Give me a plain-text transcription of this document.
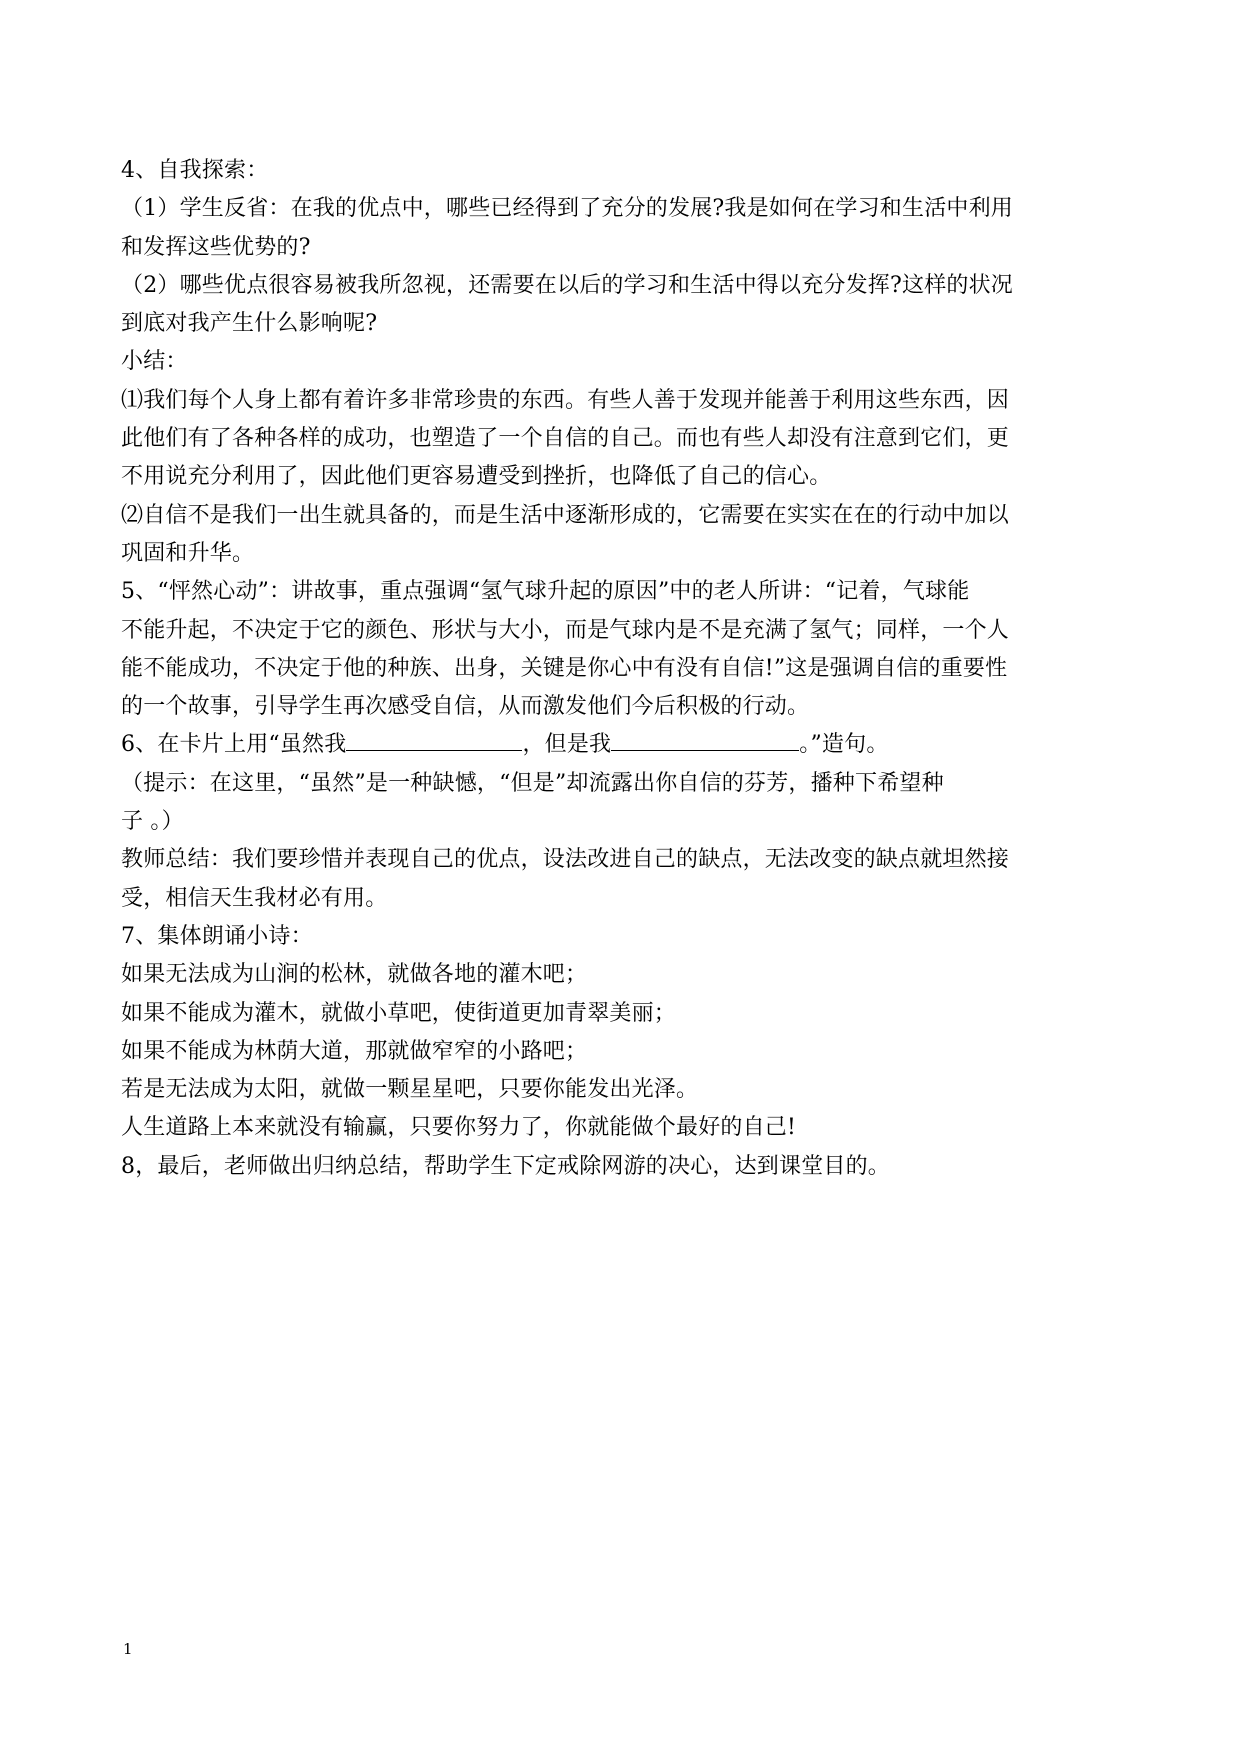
4、自我探索：
（1）学生反省：在我的优点中，哪些已经得到了充分的发展?我是如何在学习和生活中利用
和发挥这些优势的?
（2）哪些优点很容易被我所忽视，还需要在以后的学习和生活中得以充分发挥?这样的状况
到底对我产生什么影响呢?
小结：
⑴我们每个人身上都有着许多非常珍贵的东西。有些人善于发现并能善于利用这些东西，因
此他们有了各种各样的成功，也塑造了一个自信的自己。而也有些人却没有注意到它们，更
不用说充分利用了，因此他们更容易遭受到挫折，也降低了自己的信心。
⑵自信不是我们一出生就具备的，而是生活中逐渐形成的，它需要在实实在在的行动中加以
巩固和升华。
5、“怦然心动”：讲故事，重点强调“氢气球升起的原因”中的老人所讲：“记着，气球能
不能升起，不决定于它的颜色、形状与大小，而是气球内是不是充满了氢气；同样，一个人
能不能成功，不决定于他的种族、出身，关键是你心中有没有自信!”这是强调自信的重要性
的一个故事，引导学生再次感受自信，从而激发他们今后积极的行动。
6、在卡片上用“虽然我	，但是我	。”造句。
（提示：在这里，“虽然”是一种缺憾，“但是”却流露出你自信的芬芳，播种下希望种
子 。）
教师总结：我们要珍惜并表现自己的优点，设法改进自己的缺点，无法改变的缺点就坦然接
受，相信天生我材必有用。
7、集体朗诵小诗：
如果无法成为山涧的松林，就做各地的灌木吧；
如果不能成为灌木，就做小草吧，使街道更加青翠美丽；
如果不能成为林荫大道，那就做窄窄的小路吧；
若是无法成为太阳，就做一颗星星吧，只要你能发出光泽。
人生道路上本来就没有输赢，只要你努力了，你就能做个最好的自己!
8，最后，老师做出归纳总结，帮助学生下定戒除网游的决心，达到课堂目的。
1
